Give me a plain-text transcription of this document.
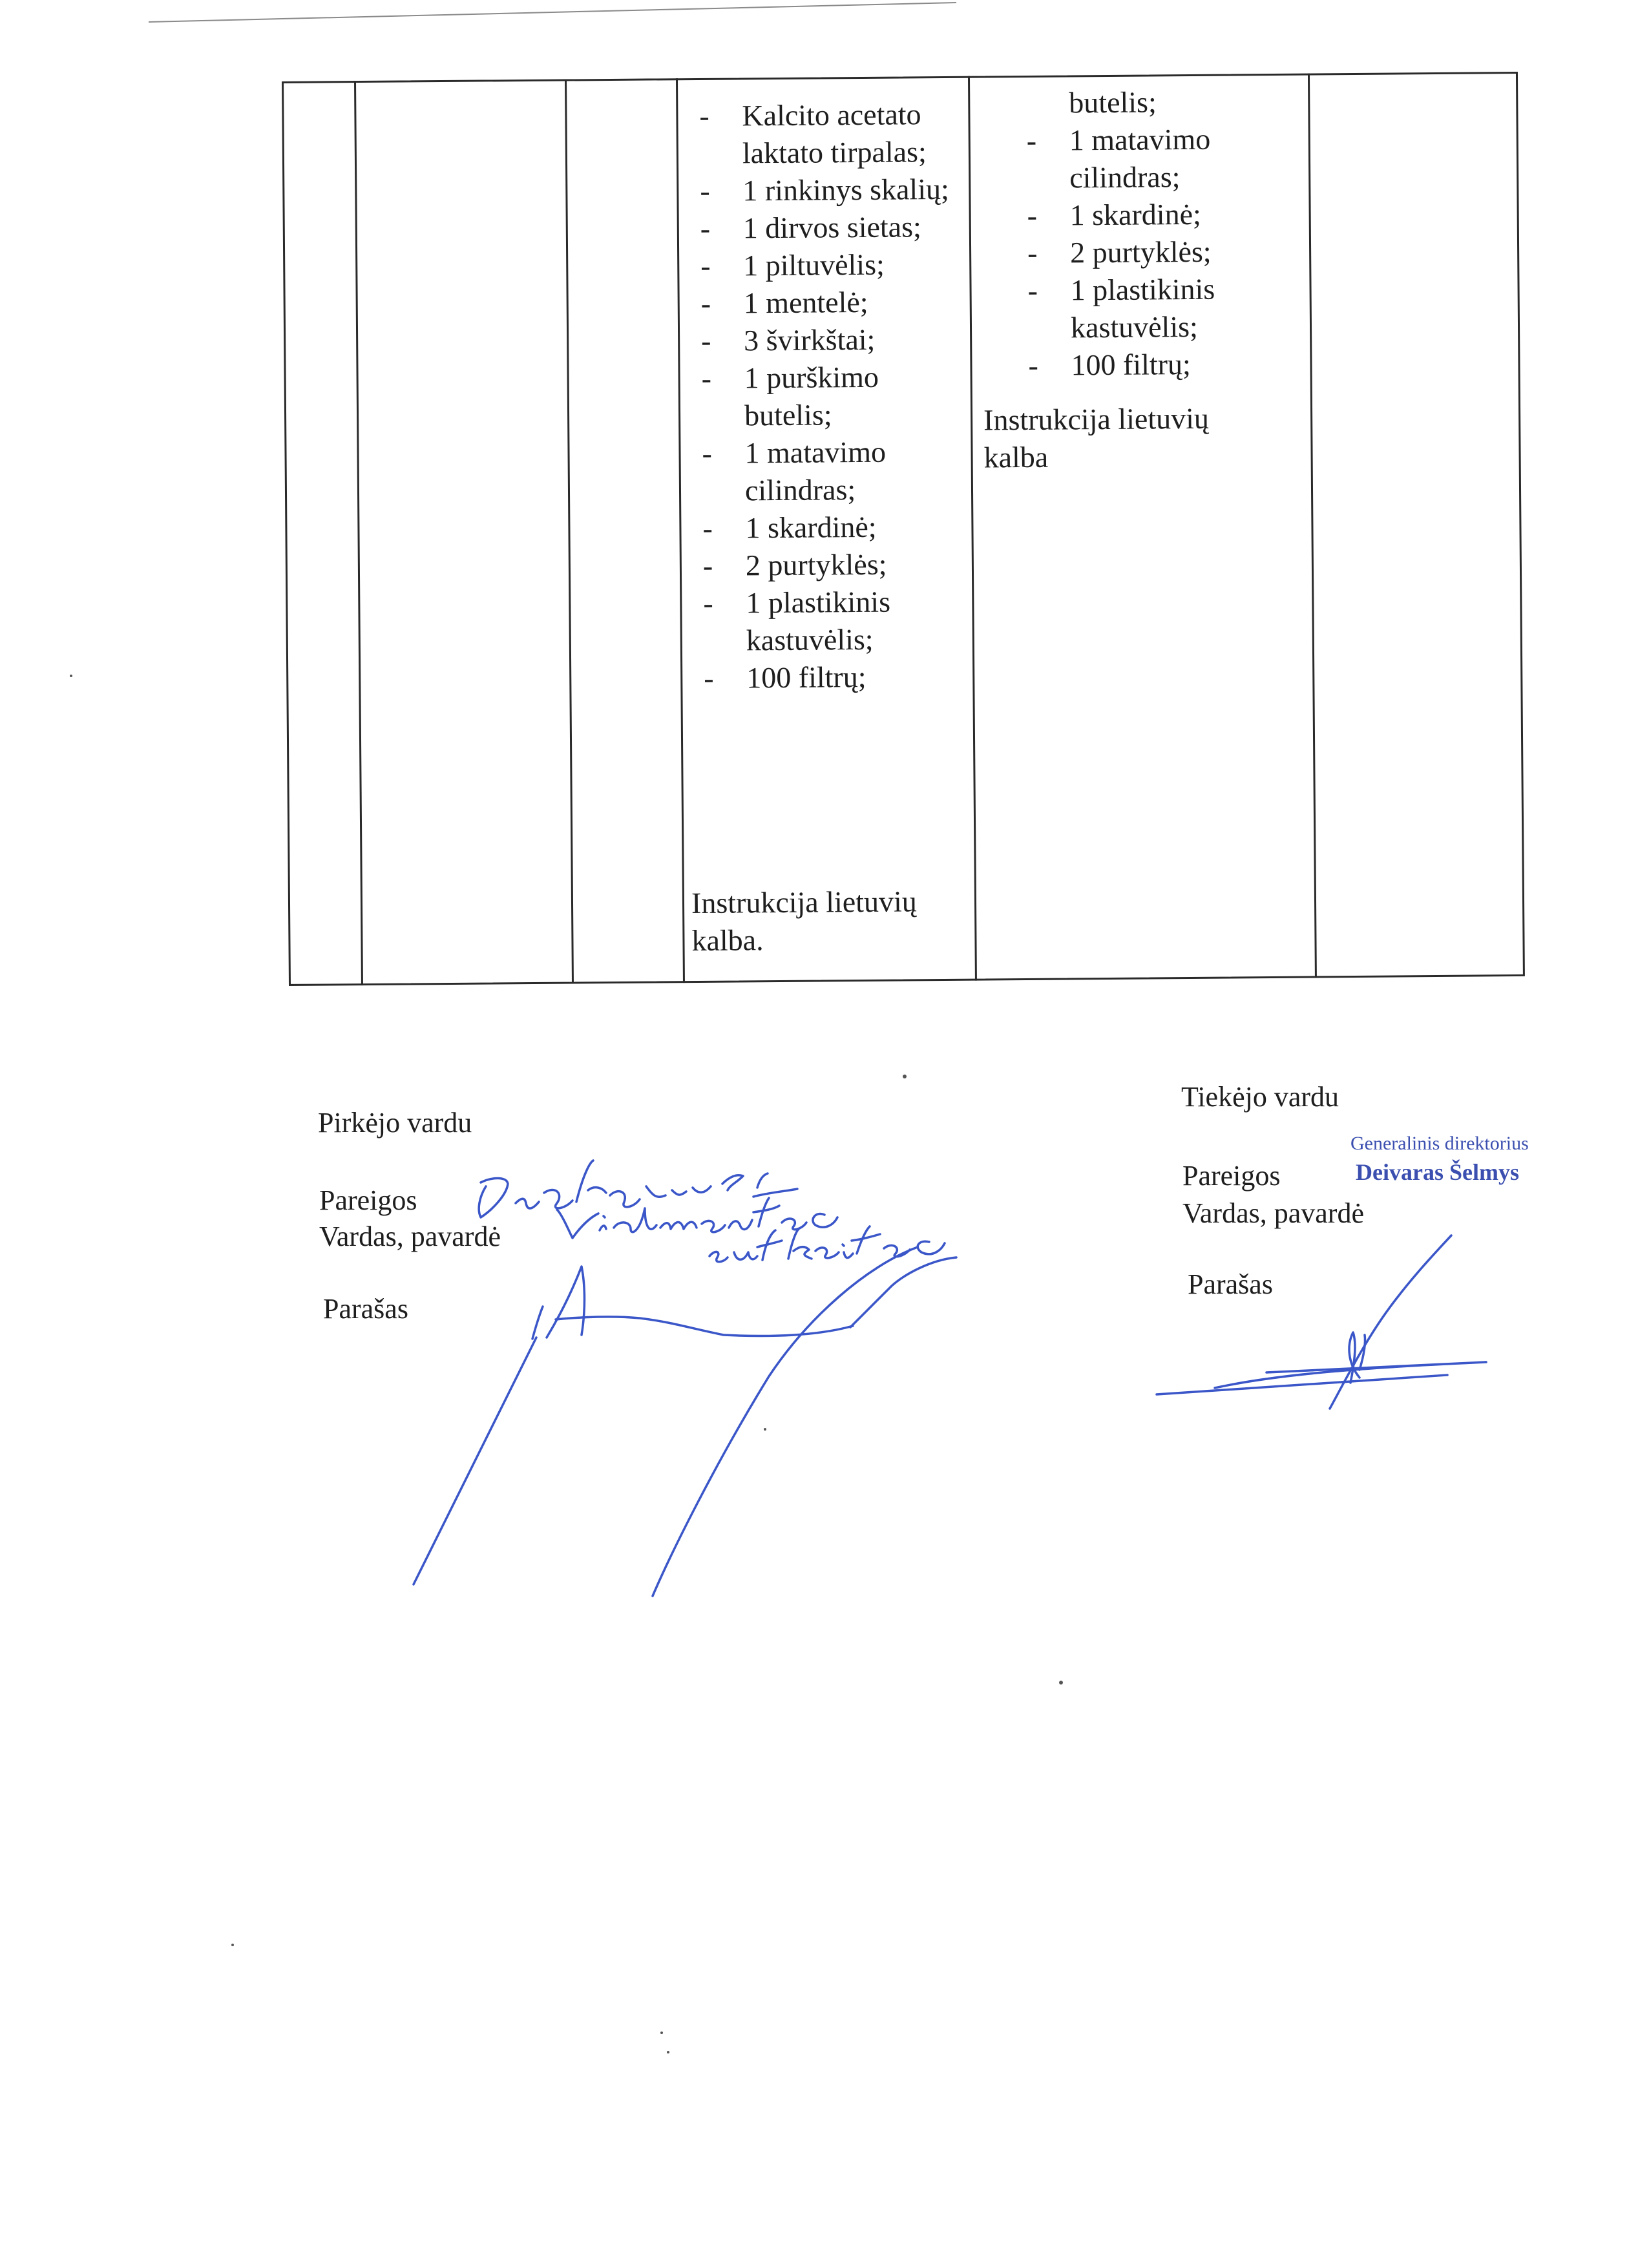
- Kalcito acetato laktato tirpalas;
- 1 rinkinys skalių;
- 1 dirvos sietas;
- 1 piltuvėlis;
- 1 mentelė;
- 3 švirkštai;
- 1 purškimo butelis;
- 1 matavimo cilindras;
- 1 skardinė;
- 2 purtyklės;
- 1 plastikinis kastuvėlis;
- 100 filtrų;

Instrukcija lietuvių kalba.

butelis;

- 1 matavimo cilindras;
- 1 skardinė;
- 2 purtyklės;
- 1 plastikinis kastuvėlis;
- 100 filtrų;

Instrukcija lietuvių kalba

Pirkėjo vardu

Pareigos

Vardas, pavardė

Parašas

Tiekėjo vardu

Pareigos

Vardas, pavardė

Parašas

Generalinis direktorius
Deivaras Šelmys
